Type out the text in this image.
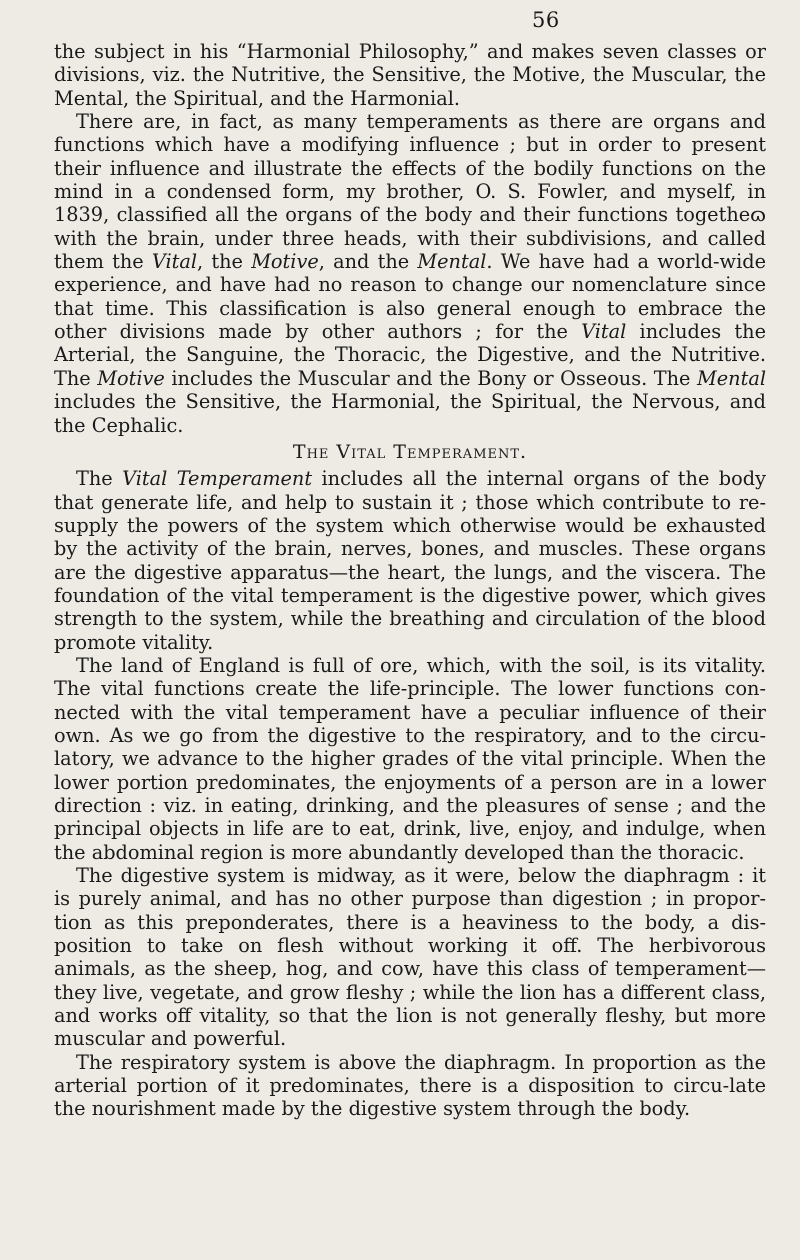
56

the subject in his “Harmonial Philosophy,” and makes seven classes or divisions, viz. the Nutritive, the Sensitive, the Motive, the Muscular, the Mental, the Spiritual, and the Harmonial.

There are, in fact, as many temperaments as there are organs and functions which have a modifying influence ; but in order to present their influence and illustrate the effects of the bodily functions on the mind in a condensed form, my brother, O. S. Fowler, and myself, in 1839, classified all the organs of the body and their functions togetheɷ with the brain, under three heads, with their subdivisions, and called them the Vital, the Motive, and the Mental. We have had a world-wide experience, and have had no reason to change our nomenclature since that time. This classification is also general enough to embrace the other divisions made by other authors ; for the Vital includes the Arterial, the Sanguine, the Thoracic, the Digestive, and the Nutritive. The Motive includes the Muscular and the Bony or Osseous. The Mental includes the Sensitive, the Harmonial, the Spiritual, the Nervous, and the Cephalic.

The Vital Temperament.

The Vital Temperament includes all the internal organs of the body that generate life, and help to sustain it ; those which contribute to re-supply the powers of the system which otherwise would be exhausted by the activity of the brain, nerves, bones, and muscles. These organs are the digestive apparatus—the heart, the lungs, and the viscera. The foundation of the vital temperament is the digestive power, which gives strength to the system, while the breathing and circulation of the blood promote vitality.

The land of England is full of ore, which, with the soil, is its vitality. The vital functions create the life-principle. The lower functions con-nected with the vital temperament have a peculiar influence of their own. As we go from the digestive to the respiratory, and to the circu-latory, we advance to the higher grades of the vital principle. When the lower portion predominates, the enjoyments of a person are in a lower direction : viz. in eating, drinking, and the pleasures of sense ; and the principal objects in life are to eat, drink, live, enjoy, and indulge, when the abdominal region is more abundantly developed than the thoracic.

The digestive system is midway, as it were, below the diaphragm : it is purely animal, and has no other purpose than digestion ; in propor-tion as this preponderates, there is a heaviness to the body, a dis-position to take on flesh without working it off. The herbivorous animals, as the sheep, hog, and cow, have this class of temperament— they live, vegetate, and grow fleshy ; while the lion has a different class, and works off vitality, so that the lion is not generally fleshy, but more muscular and powerful.

The respiratory system is above the diaphragm. In proportion as the arterial portion of it predominates, there is a disposition to circu-late the nourishment made by the digestive system through the body.
